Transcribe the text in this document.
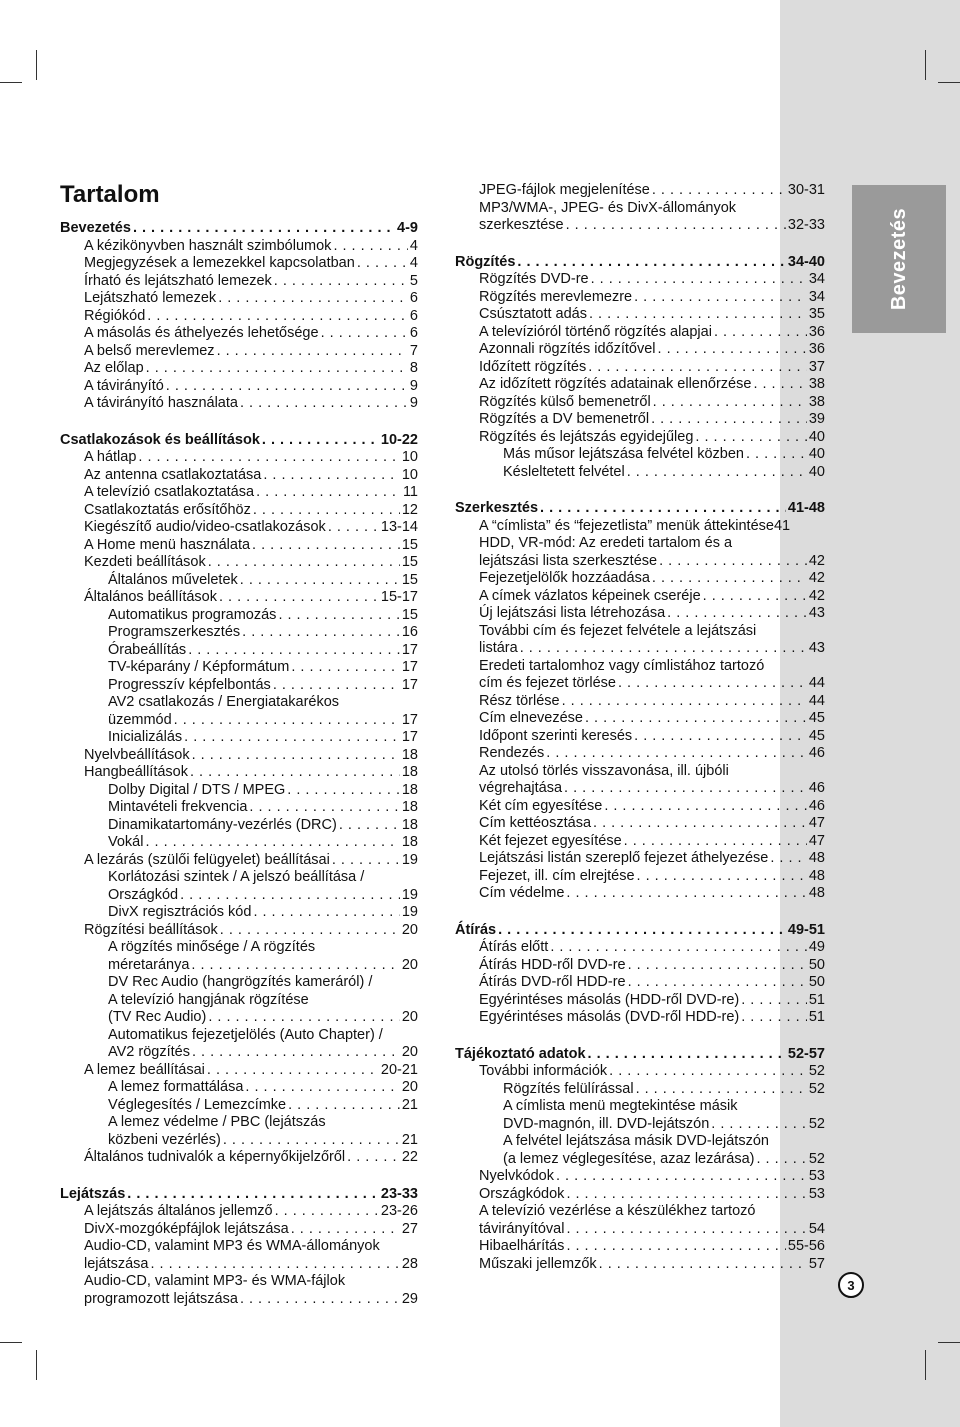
Bevezetés
Tartalom
Bevezetés . . .	4-9
A kézikönyvben használt szimbólumok . . .	4
Megjegyzések a lemezekkel kapcsolatban . . .	4
Írható és lejátszható lemezek . . .	5
Lejátszható lemezek . . .	6
Régiókód . . .	6
A másolás és áthelyezés lehetősége . . .	6
A belső merevlemez . . .	7
Az előlap . . .	8
A távirányító . . .	9
A távirányító használata . . .	9
Csatlakozások és beállítások . . .	10-22
A hátlap . . .	10
Az antenna csatlakoztatása . . .	10
A televízió csatlakoztatása . . .	11
Csatlakoztatás erősítőhöz . . .	12
Kiegészítő audio/video-csatlakozások . . .	13-14
A Home menü használata . . .	15
Kezdeti beállítások . . .	15
Általános műveletek . . .	15
Általános beállítások . . .	15-17
Automatikus programozás . . .	15
Programszerkesztés . . .	16
Órabeállítás . . .	17
TV-képarány / Képformátum . . .	17
Progresszív képfelbontás . . .	17
AV2 csatlakozás / Energiatakarékos
üzemmód . . .	17
Inicializálás . . .	17
Nyelvbeállítások . . .	18
Hangbeállítások . . .	18
Dolby Digital / DTS / MPEG . . .	18
Mintavételi frekvencia . . .	18
Dinamikatartomány-vezérlés (DRC) . . .	18
Vokál . . .	18
A lezárás (szülői felügyelet) beállításai . . .	19
Korlátozási szintek / A jelszó beállítása /
Országkód . . .	19
DivX regisztrációs kód . . .	19
Rögzítési beállítások . . .	20
A rögzítés minősége / A rögzítés
méretaránya . . .	20
DV Rec Audio (hangrögzítés kameráról) /
A televízió hangjának rögzítése
(TV Rec Audio) . . .	20
Automatikus fejezetjelölés (Auto Chapter) /
AV2 rögzítés . . .	20
A lemez beállításai . . .	20-21
A lemez formattálása . . .	20
Véglegesítés / Lemezcímke . . .	21
A lemez védelme / PBC (lejátszás
közbeni vezérlés) . . .	21
Általános tudnivalók a képernyőkijelzőről . . .	22
Lejátszás . . .	23-33
A lejátszás általános jellemző . . .	23-26
DivX-mozgóképfájlok lejátszása . . .	27
Audio-CD, valamint MP3 és WMA-állományok
lejátszása . . .	28
Audio-CD, valamint MP3- és WMA-fájlok
programozott lejátszása . . .	29
JPEG-fájlok megjelenítése . . .	30-31
MP3/WMA-, JPEG- és DivX-állományok
szerkesztése . . .	32-33
Rögzítés . . .	34-40
Rögzítés DVD-re . . .	34
Rögzítés merevlemezre . . .	34
Csúsztatott adás . . .	35
A televízióról történő rögzítés alapjai . . .	36
Azonnali rögzítés időzítővel . . .	36
Időzített rögzítés . . .	37
Az időzített rögzítés adatainak ellenőrzése . . .	38
Rögzítés külső bemenetről . . .	38
Rögzítés a DV bemenetről . . .	39
Rögzítés és lejátszás egyidejűleg . . .	40
Más műsor lejátszása felvétel közben . . .	40
Késleltetett felvétel . . .	40
Szerkesztés . . .	41-48
A “címlista” és “fejezetlista” menük áttekintése 41
HDD, VR-mód: Az eredeti tartalom és a
lejátszási lista szerkesztése . . .	42
Fejezetjelölők hozzáadása . . .	42
A címek vázlatos képeinek cseréje . . .	42
Új lejátszási lista létrehozása . . .	43
További cím és fejezet felvétele a lejátszási
listára . . .	43
Eredeti tartalomhoz vagy címlistához tartozó
cím és fejezet törlése . . .	44
Rész törlése . . .	44
Cím elnevezése . . .	45
Időpont szerinti keresés . . .	45
Rendezés . . .	46
Az utolsó törlés visszavonása, ill. újbóli
végrehajtása . . .	46
Két cím egyesítése . . .	46
Cím kettéosztása . . .	47
Két fejezet egyesítése . . .	47
Lejátszási listán szereplő fejezet áthelyezése . . .	48
Fejezet, ill. cím elrejtése . . .	48
Cím védelme . . .	48
Átírás . . .	49-51
Átírás előtt . . .	49
Átírás HDD-ről DVD-re . . .	50
Átírás DVD-ről HDD-re . . .	50
Egyérintéses másolás (HDD-ről DVD-re) . . .	51
Egyérintéses másolás (DVD-ről HDD-re) . . .	51
Tájékoztató adatok . . .	52-57
További információk . . .	52
Rögzítés felülírással . . .	52
A címlista menü megtekintése másik
DVD-magnón, ill. DVD-lejátszón . . .	52
A felvétel lejátszása másik DVD-lejátszón
(a lemez véglegesítése, azaz lezárása) . . .	52
Nyelvkódok . . .	53
Országkódok . . .	53
A televízió vezérlése a készülékhez tartozó
távirányítóval . . .	54
Hibaelhárítás . . .	55-56
Műszaki jellemzők . . .	57
3
